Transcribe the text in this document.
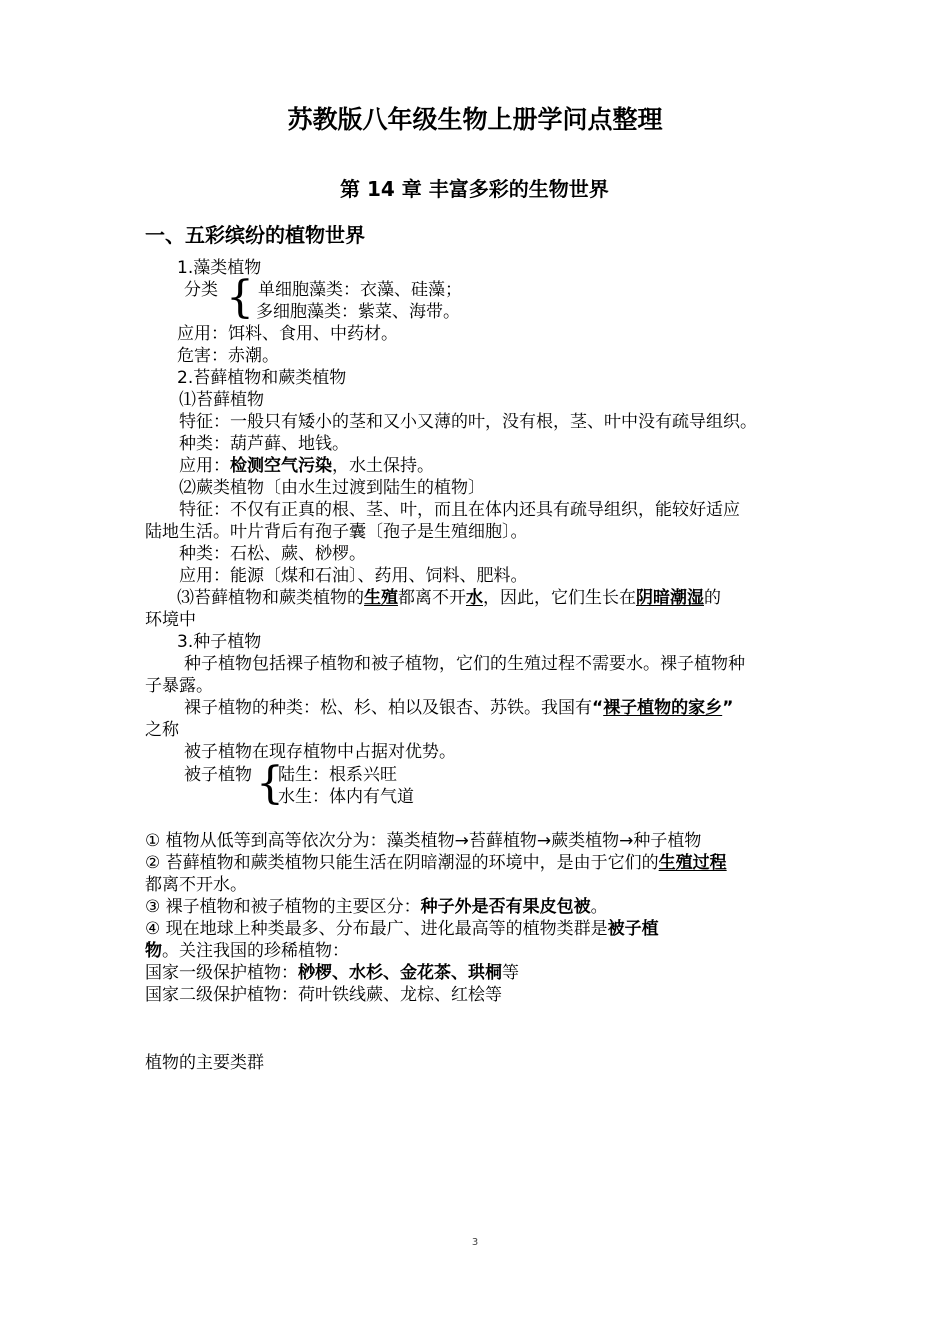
苏教版八年级生物上册学问点整理
第 14 章 丰富多彩的生物世界
一、五彩缤纷的植物世界
1.藻类植物
分类 { 单细胞藻类：衣藻、硅藻；
多细胞藻类：紫菜、海带。
应用：饵料、食用、中药材。
危害：赤潮。
2.苔藓植物和蕨类植物
⑴苔藓植物
特征：一般只有矮小的茎和又小又薄的叶，没有根，茎、叶中没有疏导组织。
种类：葫芦藓、地钱。
应用：检测空气污染，水土保持。
⑵蕨类植物〔由水生过渡到陆生的植物〕
特征：不仅有正真的根、茎、叶，而且在体内还具有疏导组织，能较好适应
陆地生活。叶片背后有孢子囊〔孢子是生殖细胞〕。
种类：石松、蕨、桫椤。
应用：能源〔煤和石油〕、药用、饲料、肥料。
⑶苔藓植物和蕨类植物的生殖都离不开水，因此，它们生长在阴暗潮湿的
环境中
3.种子植物
种子植物包括裸子植物和被子植物，它们的生殖过程不需要水。裸子植物种
子暴露。
裸子植物的种类：松、杉、柏以及银杏、苏铁。我国有“裸子植物的家乡”
之称
被子植物在现存植物中占据对优势。
被子植物 {
陆生：根系兴旺
水生：体内有气道
① 植物从低等到高等依次分为：藻类植物→苔藓植物→蕨类植物→种子植物
② 苔藓植物和蕨类植物只能生活在阴暗潮湿的环境中，是由于它们的生殖过程
都离不开水。
③ 裸子植物和被子植物的主要区分：种子外是否有果皮包被。
④ 现在地球上种类最多、分布最广、进化最高等的植物类群是被子植
物。关注我国的珍稀植物：
国家一级保护植物：桫椤、水杉、金花茶、珙桐等
国家二级保护植物：荷叶铁线蕨、龙棕、红桧等
植物的主要类群
3
